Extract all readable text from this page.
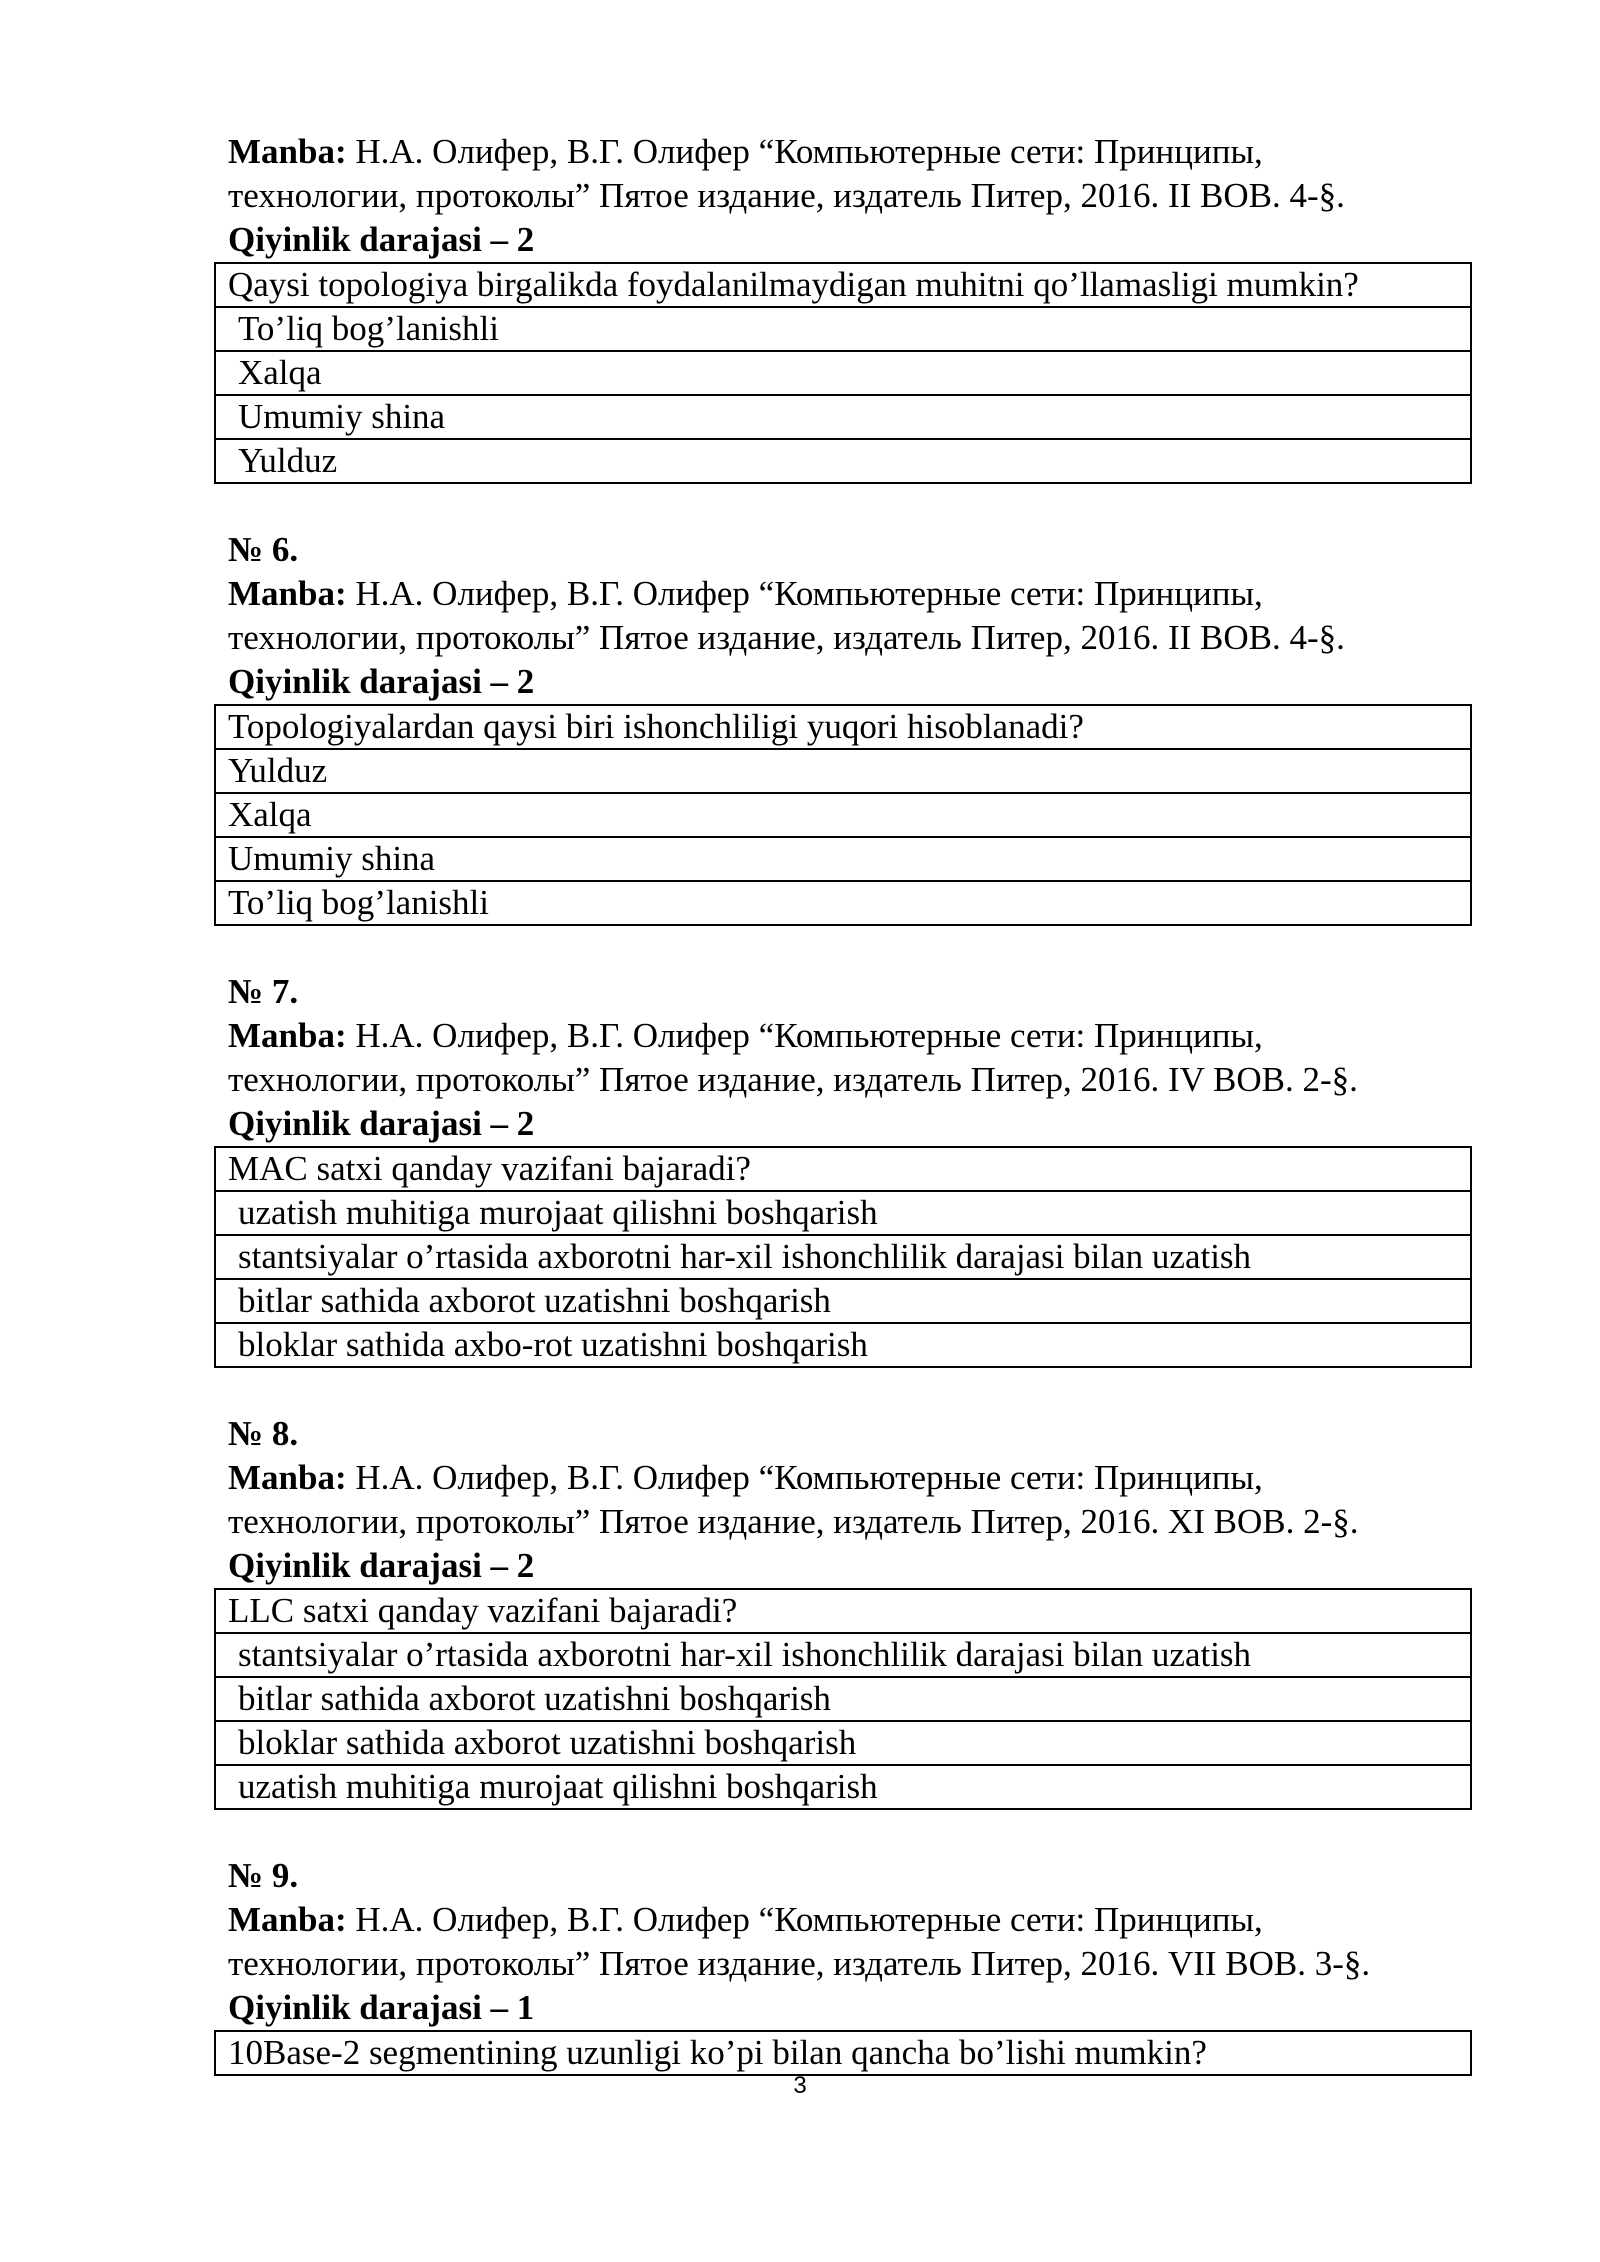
Manba: Н.А. Олифер, В.Г. Олифер “Компьютерные сети: Принципы,
технологии, протоколы” Пятое издание, издатель Питер, 2016. II BOB. 4-§.
Qiyinlik darajasi – 2
Qaysi topologiya birgalikda foydalanilmaydigan muhitni qo’llamasligi mumkin?
To’liq bog’lanishli
Xalqa
Umumiy shina
Yulduz
№ 6.
Manba: Н.А. Олифер, В.Г. Олифер “Компьютерные сети: Принципы,
технологии, протоколы” Пятое издание, издатель Питер, 2016. II BOB. 4-§.
Qiyinlik darajasi – 2
Topologiyalardan qaysi biri ishonchliligi yuqori hisoblanadi?
Yulduz
Xalqa
Umumiy shina
To’liq bog’lanishli
№ 7.
Manba: Н.А. Олифер, В.Г. Олифер “Компьютерные сети: Принципы,
технологии, протоколы” Пятое издание, издатель Питер, 2016. IV BOB. 2-§.
Qiyinlik darajasi – 2
MAC satxi qanday vazifani bajaradi?
uzatish muhitiga murojaat qilishni boshqarish
stantsiyalar o’rtasida axborotni har-xil ishonchlilik darajasi bilan uzatish
bitlar sathida axborot uzatishni boshqarish
bloklar sathida axbo-rot uzatishni boshqarish
№ 8.
Manba: Н.А. Олифер, В.Г. Олифер “Компьютерные сети: Принципы,
технологии, протоколы” Пятое издание, издатель Питер, 2016. XI BOB. 2-§.
Qiyinlik darajasi – 2
LLC satxi qanday vazifani bajaradi?
stantsiyalar o’rtasida axborotni har-xil ishonchlilik darajasi bilan uzatish
bitlar sathida axborot uzatishni boshqarish
bloklar sathida axborot uzatishni boshqarish
uzatish muhitiga murojaat qilishni boshqarish
№ 9.
Manba: Н.А. Олифер, В.Г. Олифер “Компьютерные сети: Принципы,
технологии, протоколы” Пятое издание, издатель Питер, 2016. VII BOB. 3-§.
Qiyinlik darajasi – 1
10Base-2 segmentining uzunligi ko’pi bilan qancha bo’lishi mumkin?
3
